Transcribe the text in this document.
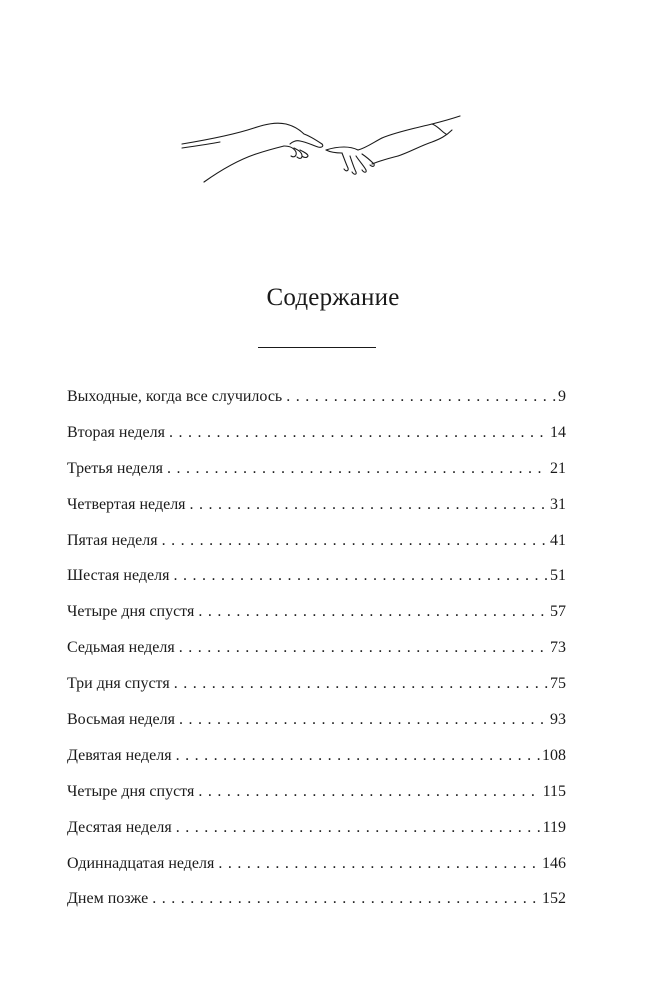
Содержание
Выходные, когда все случилось . . .	9
Вторая неделя . . .	14
Третья неделя . . .	21
Четвертая неделя . . .	31
Пятая неделя . . .	41
Шестая неделя . . .	51
Четыре дня спустя . . .	57
Седьмая неделя . . .	73
Три дня спустя . . .	75
Восьмая неделя . . .	93
Девятая неделя . . .	108
Четыре дня спустя . . .	115
Десятая неделя . . .	119
Одиннадцатая неделя . . .	146
Днем позже . . .	152
